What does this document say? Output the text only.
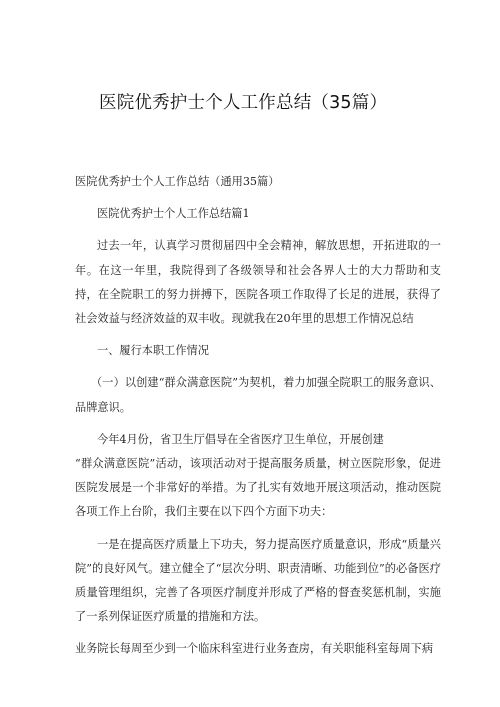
医院优秀护士个人工作总结（35篇）

医院优秀护士个人工作总结（通用35篇）

医院优秀护士个人工作总结篇1

过去一年，认真学习贯彻届四中全会精神，解放思想，开拓进取的一年。在这一年里，我院得到了各级领导和社会各界人士的大力帮助和支持，在全院职工的努力拼搏下，医院各项工作取得了长足的进展，获得了社会效益与经济效益的双丰收。现就我在20年里的思想工作情况总结

一、履行本职工作情况

（一）以创建“群众满意医院”为契机，着力加强全院职工的服务意识、品牌意识。

今年4月份，省卫生厅倡导在全省医疗卫生单位，开展创建

“群众满意医院”活动，该项活动对于提高服务质量，树立医院形象，促进医院发展是一个非常好的举措。为了扎实有效地开展这项活动，推动医院各项工作上台阶，我们主要在以下四个方面下功夫：

一是在提高医疗质量上下功夫，努力提高医疗质量意识，形成“质量兴院”的良好风气。建立健全了“层次分明、职责清晰、功能到位”的必备医疗质量管理组织，完善了各项医疗制度并形成了严格的督查奖惩机制，实施了一系列保证医疗质量的措施和方法。

业务院长每周至少到一个临床科室进行业务查房，有关职能科室每周下病
